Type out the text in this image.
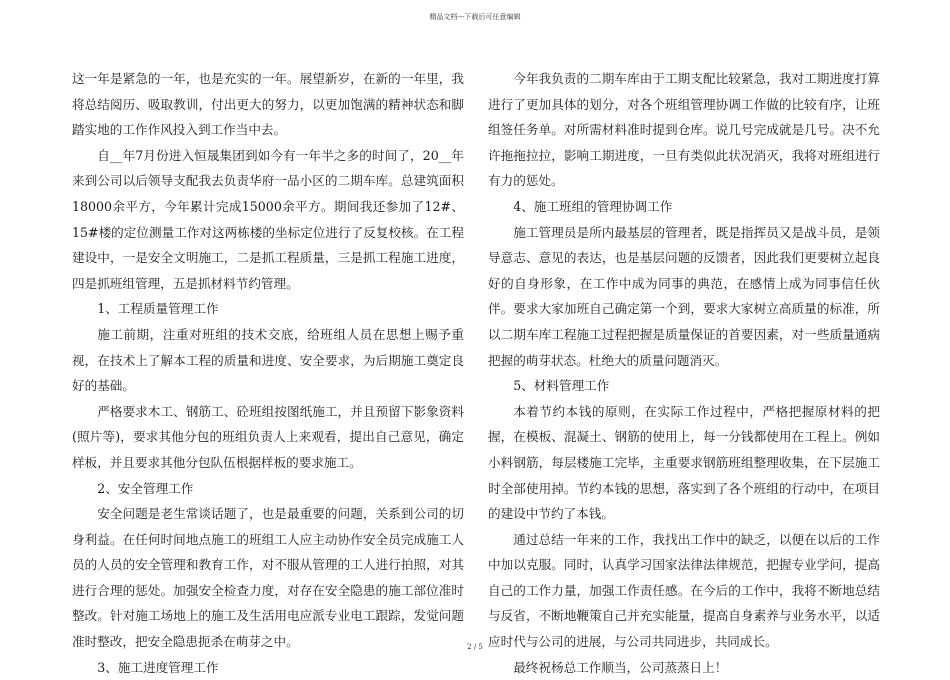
精品文档---下载后可任意编辑

这一年是紧急的一年，也是充实的一年。展望新岁，在新的一年里，我将总结阅历、吸取教训，付出更大的努力，以更加饱满的精神状态和脚踏实地的工作作风投入到工作当中去。

自__年7月份进入恒晟集团到如今有一年半之多的时间了，20__年来到公司以后领导支配我去负责华府一品小区的二期车库。总建筑面积18000余平方，今年累计完成15000余平方。期间我还参加了12#、15#楼的定位测量工作对这两栋楼的坐标定位进行了反复校核。在工程建设中，一是安全文明施工，二是抓工程质量，三是抓工程施工进度，四是抓班组管理，五是抓材料节约管理。

1、工程质量管理工作

施工前期，注重对班组的技术交底，给班组人员在思想上赐予重视，在技术上了解本工程的质量和进度、安全要求，为后期施工奠定良好的基础。

严格要求木工、钢筋工、砼班组按图纸施工，并且预留下影象资料(照片等)，要求其他分包的班组负责人上来观看，提出自己意见，确定样板，并且要求其他分包队伍根据样板的要求施工。

2、安全管理工作

安全问题是老生常谈话题了，也是最重要的问题，关系到公司的切身利益。在任何时间地点施工的班组工人应主动协作安全员完成施工人员的人员的安全管理和教育工作，对不服从管理的工人进行拍照，对其进行合理的惩处。加强安全检查力度，对存在安全隐患的施工部位准时整改。针对施工场地上的施工及生活用电应派专业电工跟踪，发觉问题准时整改，把安全隐患扼杀在萌芽之中。

3、施工进度管理工作

今年我负责的二期车库由于工期支配比较紧急，我对工期进度打算进行了更加具体的划分，对各个班组管理协调工作做的比较有序，让班组签任务单。对所需材料准时提到仓库。说几号完成就是几号。决不允许拖拖拉拉，影响工期进度，一旦有类似此状况消灭，我将对班组进行有力的惩处。

4、施工班组的管理协调工作

施工管理员是所内最基层的管理者，既是指挥员又是战斗员，是领导意志、意见的表达，也是基层问题的反馈者，因此我们更要树立起良好的自身形象，在工作中成为同事的典范，在感情上成为同事信任伙伴。要求大家加班自己确定第一个到，要求大家树立高质量的标准，所以二期车库工程施工过程把握是质量保证的首要因素，对一些质量通病把握的萌芽状态。杜绝大的质量问题消灭。

5、材料管理工作

本着节约本钱的原则，在实际工作过程中，严格把握原材料的把握，在模板、混凝土、钢筋的使用上，每一分钱都使用在工程上。例如小料钢筋，每层楼施工完毕，主重要求钢筋班组整理收集，在下层施工时全部使用掉。节约本钱的思想，落实到了各个班组的行动中，在项目的建设中节约了本钱。

通过总结一年来的工作，我找出工作中的缺乏，以便在以后的工作中加以克服。同时，认真学习国家法律法律规范，把握专业学问，提高自己的工作力量，加强工作责任感。在今后的工作中，我将不断地总结与反省，不断地鞭策自己并充实能量，提高自身素养与业务水平，以适应时代与公司的进展，与公司共同进步，共同成长。

最终祝杨总工作顺当，公司蒸蒸日上！

2 / 5
